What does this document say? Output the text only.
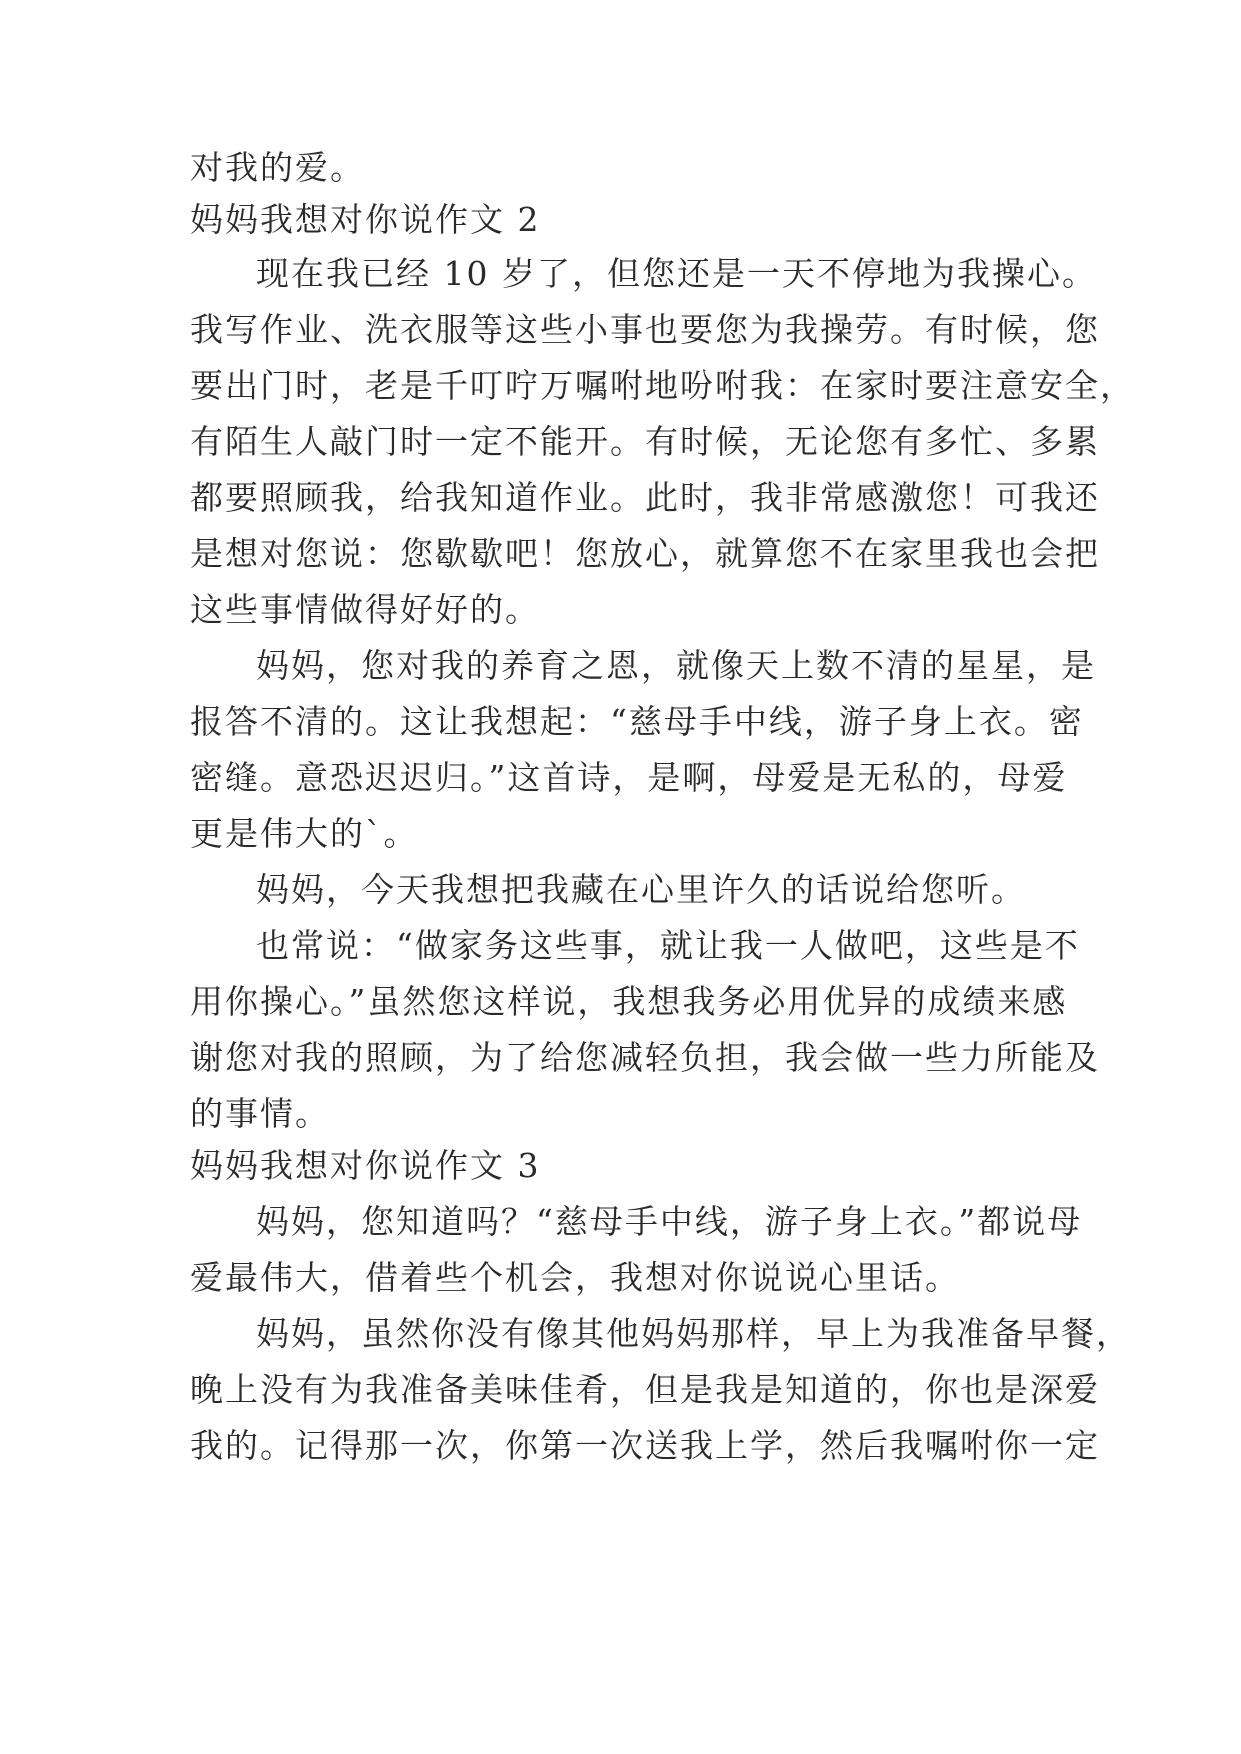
对我的爱。
妈妈我想对你说作文 2
现在我已经 10 岁了，但您还是一天不停地为我操心。
我写作业、洗衣服等这些小事也要您为我操劳。有时候，您
要出门时，老是千叮咛万嘱咐地吩咐我：在家时要注意安全，
有陌生人敲门时一定不能开。有时候，无论您有多忙、多累
都要照顾我，给我知道作业。此时，我非常感激您！可我还
是想对您说：您歇歇吧！您放心，就算您不在家里我也会把
这些事情做得好好的。
妈妈，您对我的养育之恩，就像天上数不清的星星，是
报答不清的。这让我想起：“慈母手中线，游子身上衣。密
密缝。意恐迟迟归。”这首诗，是啊，母爱是无私的，母爱
更是伟大的`。
妈妈，今天我想把我藏在心里许久的话说给您听。
也常说：“做家务这些事，就让我一人做吧，这些是不
用你操心。”虽然您这样说，我想我务必用优异的成绩来感
谢您对我的照顾，为了给您减轻负担，我会做一些力所能及
的事情。
妈妈我想对你说作文 3
妈妈，您知道吗？“慈母手中线，游子身上衣。”都说母
爱最伟大，借着些个机会，我想对你说说心里话。
妈妈，虽然你没有像其他妈妈那样，早上为我准备早餐，
晚上没有为我准备美味佳肴，但是我是知道的，你也是深爱
我的。记得那一次，你第一次送我上学，然后我嘱咐你一定
